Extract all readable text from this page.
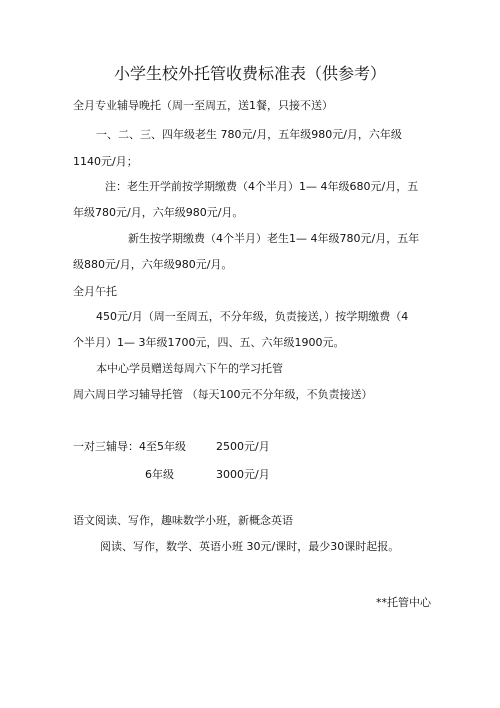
小学生校外托管收费标准表（供参考）
全月专业辅导晚托（周一至周五，送1餐，只接不送）
一、二、三、四年级老生 780元/月，五年级980元/月，六年级
1140元/月；
注：老生开学前按学期缴费（4个半月）1— 4年级680元/月，五
年级780元/月，六年级980元/月。
新生按学期缴费（4个半月）老生1— 4年级780元/月，五年
级880元/月，六年级980元/月。
全月午托
450元/月（周一至周五，不分年级，负责接送，）按学期缴费（4
个半月）1— 3年级1700元，四、五、六年级1900元。
本中心学员赠送每周六下午的学习托管
周六周日学习辅导托管 （每天100元不分年级，不负责接送）
一对三辅导：4至5年级	2500元/月
6年级	3000元/月
语文阅读、写作，趣味数学小班，新概念英语
阅读、写作，数学、英语小班 30元/课时，最少30课时起报。
**托管中心
